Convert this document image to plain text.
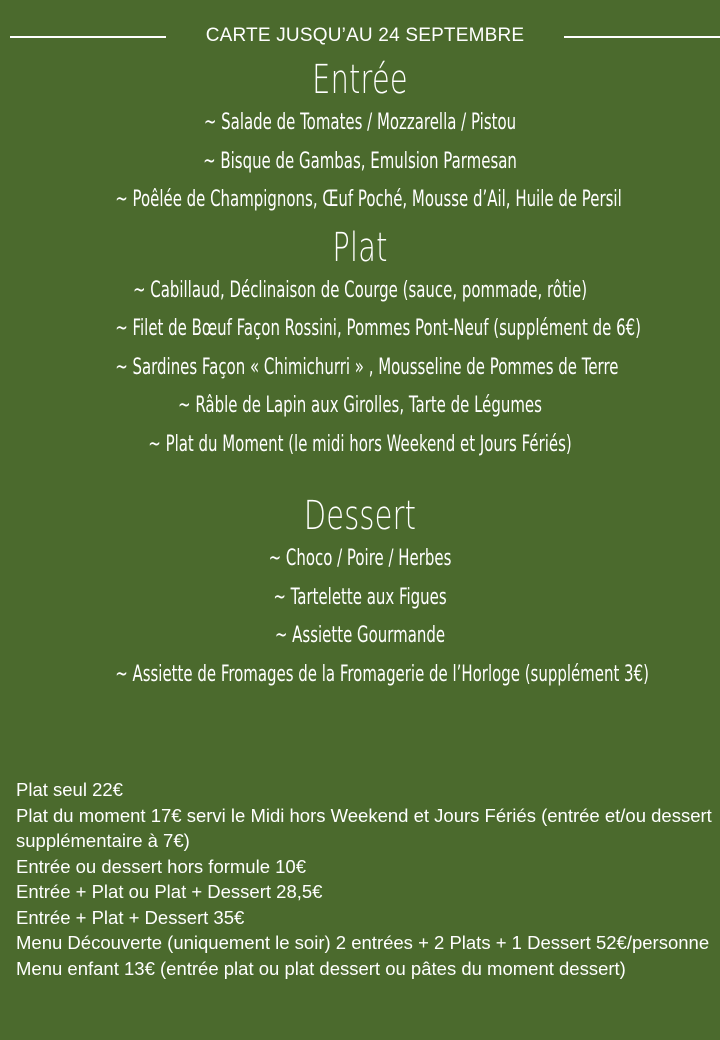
CARTE JUSQU’AU 24 SEPTEMBRE
Entrée
~ Salade de Tomates / Mozzarella / Pistou
~ Bisque de Gambas, Emulsion Parmesan
~ Poêlée de Champignons, Œuf Poché, Mousse d’Ail, Huile de Persil
Plat
~ Cabillaud, Déclinaison de Courge (sauce, pommade, rôtie)
~ Filet de Bœuf Façon Rossini, Pommes Pont-Neuf (supplément de 6€)
~ Sardines Façon « Chimichurri » , Mousseline de Pommes de Terre
~ Râble de Lapin aux Girolles, Tarte de Légumes
~ Plat du Moment (le midi hors Weekend et Jours Fériés)
Dessert
~ Choco / Poire / Herbes
~ Tartelette aux Figues
~ Assiette Gourmande
~ Assiette de Fromages de la Fromagerie de l’Horloge (supplément 3€)
Plat seul 22€
Plat du moment 17€ servi le Midi hors Weekend et Jours Fériés (entrée et/ou dessert supplémentaire à 7€)
Entrée ou dessert hors formule 10€
Entrée + Plat ou Plat + Dessert 28,5€
Entrée + Plat + Dessert 35€
Menu Découverte (uniquement le soir) 2 entrées + 2 Plats + 1 Dessert 52€/personne
Menu enfant 13€ (entrée plat ou plat dessert ou pâtes du moment dessert)
